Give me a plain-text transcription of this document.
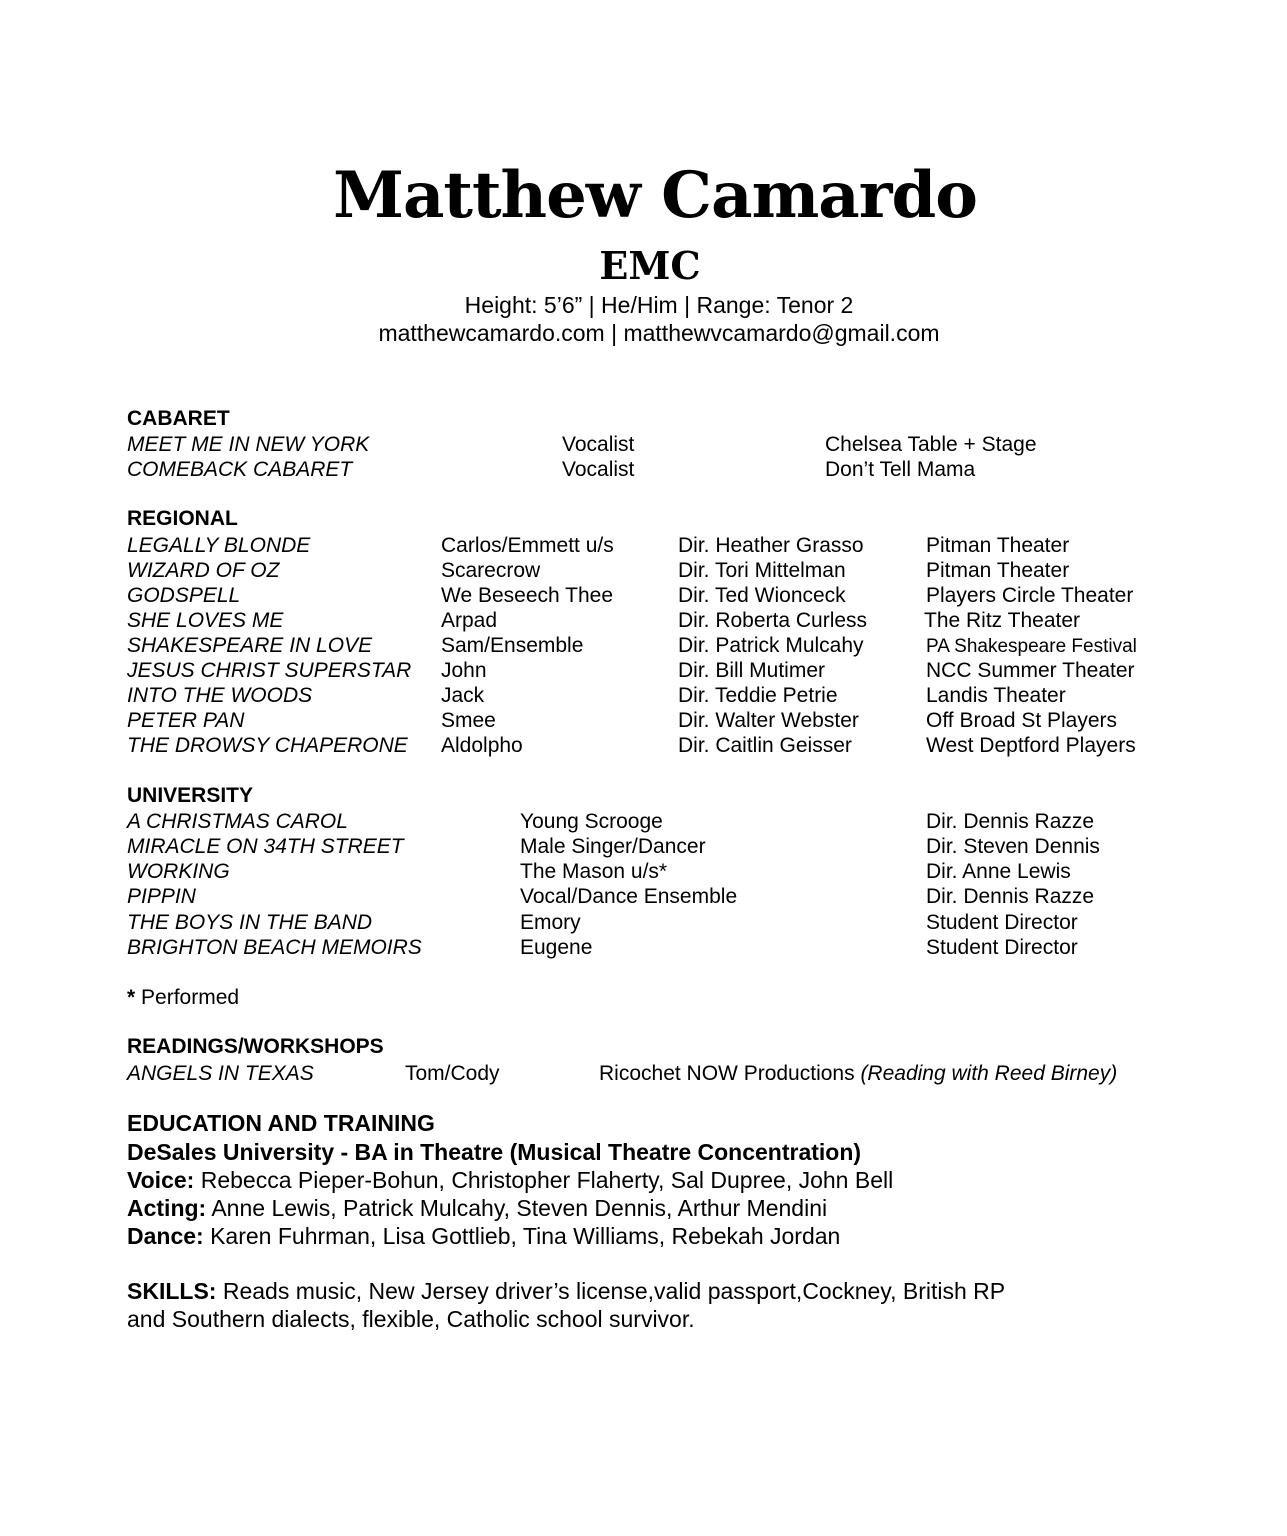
Matthew Camardo
EMC
Height: 5’6” | He/Him | Range: Tenor 2
matthewcamardo.com | matthewvcamardo@gmail.com
CABARET
MEET ME IN NEW YORK	Vocalist	Chelsea Table + Stage
COMEBACK CABARET	Vocalist	Don’t Tell Mama
REGIONAL
LEGALLY BLONDE	Carlos/Emmett u/s	Dir. Heather Grasso	Pitman Theater
WIZARD OF OZ	Scarecrow	Dir. Tori Mittelman	Pitman Theater
GODSPELL	We Beseech Thee	Dir. Ted Wionceck	Players Circle Theater
SHE LOVES ME	Arpad	Dir. Roberta Curless	The Ritz Theater
SHAKESPEARE IN LOVE	Sam/Ensemble	Dir. Patrick Mulcahy	PA Shakespeare Festival
JESUS CHRIST SUPERSTAR John	Dir. Bill Mutimer	NCC Summer Theater
INTO THE WOODS	Jack	Dir. Teddie Petrie	Landis Theater
PETER PAN	Smee	Dir. Walter Webster	Off Broad St Players
THE DROWSY CHAPERONE Aldolpho	Dir. Caitlin Geisser	West Deptford Players
UNIVERSITY
A CHRISTMAS CAROL	Young Scrooge	Dir. Dennis Razze
MIRACLE ON 34TH STREET	Male Singer/Dancer	Dir. Steven Dennis
WORKING	The Mason u/s*	Dir. Anne Lewis
PIPPIN	Vocal/Dance Ensemble	Dir. Dennis Razze
THE BOYS IN THE BAND	Emory	Student Director
BRIGHTON BEACH MEMOIRS	Eugene	Student Director
* Performed
READINGS/WORKSHOPS
ANGELS IN TEXAS	Tom/Cody	Ricochet NOW Productions (Reading with Reed Birney)
EDUCATION AND TRAINING
DeSales University - BA in Theatre (Musical Theatre Concentration)
Voice: Rebecca Pieper-Bohun, Christopher Flaherty, Sal Dupree, John Bell
Acting: Anne Lewis, Patrick Mulcahy, Steven Dennis, Arthur Mendini
Dance: Karen Fuhrman, Lisa Gottlieb, Tina Williams, Rebekah Jordan
SKILLS: Reads music, New Jersey driver’s license,valid passport,Cockney, British RP
and Southern dialects, flexible, Catholic school survivor.
